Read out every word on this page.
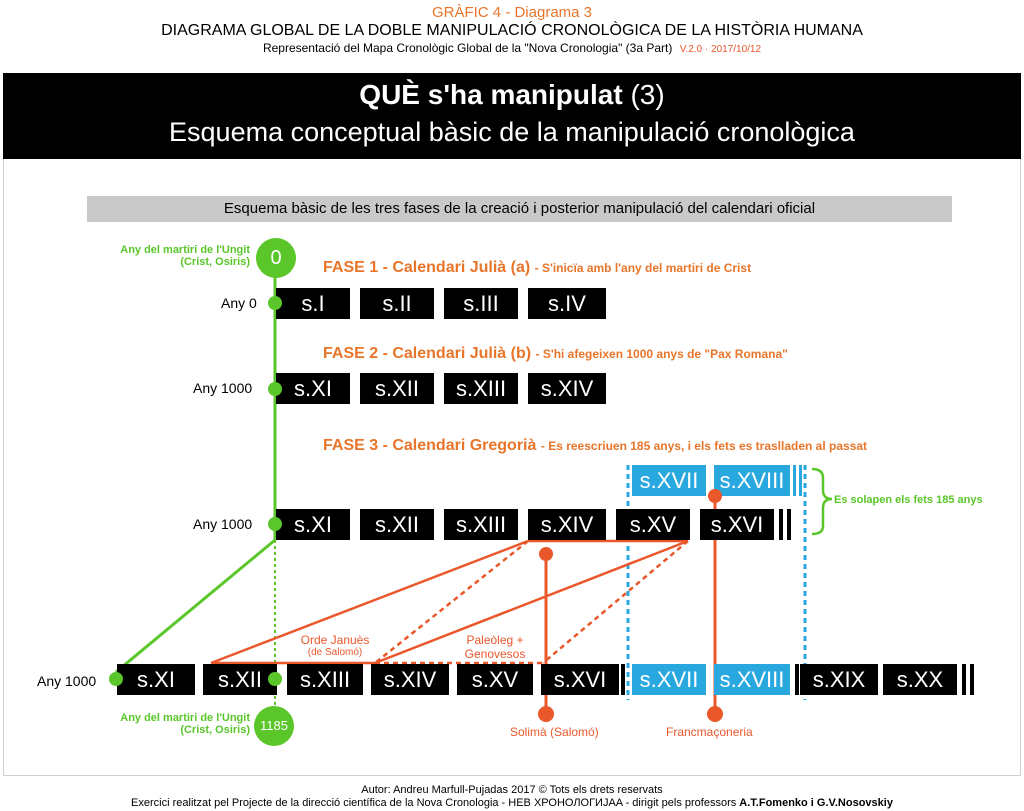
GRÀFIC 4 - Diagrama 3
DIAGRAMA GLOBAL DE LA DOBLE MANIPULACIÓ CRONOLÒGICA DE LA HISTÒRIA HUMANA
Representació del Mapa Cronològic Global de la "Nova Cronologia" (3a Part) V.2.0 · 2017/10/12
QUÈ s'ha manipulat (3)
Esquema conceptual bàsic de la manipulació cronològica
Esquema bàsic de les tres fases de la creació i posterior manipulació del calendari oficial
0
1185
Any del martiri de l'Ungit
(Crist, Osiris)
Any del martiri de l'Ungit
(Crist, Osiris)
FASE 1 - Calendari Julià (a) - S'inicïa amb l'any del martiri de Crist
FASE 2 - Calendari Julià (b) - S'hi afegeixen 1000 anys de "Pax Romana"
FASE 3 - Calendari Gregorià - Es reescriuen 185 anys, i els fets es traslladen al passat
Any 0
Any 1000
Any 1000
Any 1000
s.I	s.II	s.III	s.IV
s.XI	s.XII	s.XIII	s.XIV
s.XVII s.XVIII
s.XI	s.XII	s.XIII	s.XIV	s.XV	s.XVI
s.XI	s.XII	s.XIII	s.XIV	s.XV	s.XVI	s.XVII s.XVIII	s.XIX	s.XX
Es solapen els fets 185 anys
Orde Januès
(de Salomó)
Paleòleg +
Genovesos
Solimà (Salomó)	Francmaçoneria
Autor: Andreu Marfull-Pujadas 2017 © Tots els drets reservats
Exercici realitzat pel Projecte de la direcció científica de la Nova Cronologia - НЕВ ХРОНОЛОГИЈАA - dirigit pels professors A.T.Fomenko i G.V.Nosovskiy
